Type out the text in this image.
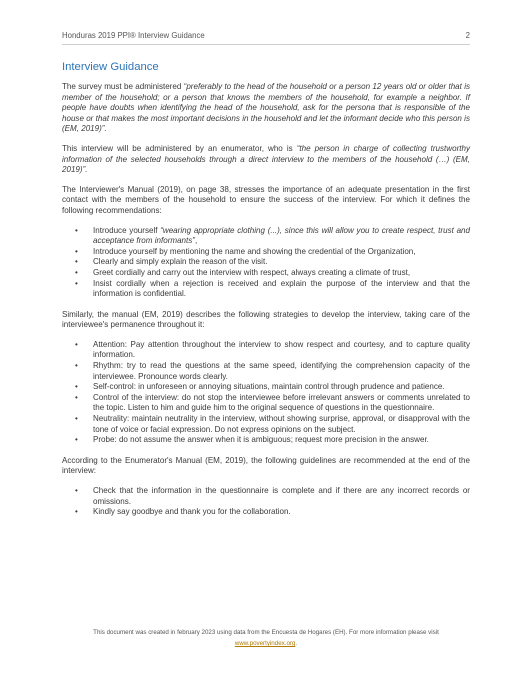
Honduras 2019 PPI® Interview Guidance	2
Interview Guidance

The survey must be administered “preferably to the head of the household or a person 12 years old or older that is member of the household; or a person that knows the members of the household, for example a neighbor. If people have doubts when identifying the head of the household, ask for the persona that is responsible of the house or that makes the most important decisions in the household and let the informant decide who this person is (EM, 2019)”.

This interview will be administered by an enumerator, who is “the person in charge of collecting trustworthy information of the selected households through a direct interview to the members of the household (…) (EM, 2019)”.

The Interviewer's Manual (2019), on page 38, stresses the importance of an adequate presentation in the first contact with the members of the household to ensure the success of the interview. For which it defines the following recommendations:

• Introduce yourself “wearing appropriate clothing (...), since this will allow you to create respect, trust and acceptance from informants”,
• Introduce yourself by mentioning the name and showing the credential of the Organization,
• Clearly and simply explain the reason of the visit.
• Greet cordially and carry out the interview with respect, always creating a climate of trust,
• Insist cordially when a rejection is received and explain the purpose of the interview and that the information is confidential.

Similarly, the manual (EM, 2019) describes the following strategies to develop the interview, taking care of the interviewee's permanence throughout it:

• Attention: Pay attention throughout the interview to show respect and courtesy, and to capture quality information.
• Rhythm: try to read the questions at the same speed, identifying the comprehension capacity of the interviewee. Pronounce words clearly.
• Self-control: in unforeseen or annoying situations, maintain control through prudence and patience.
• Control of the interview: do not stop the interviewee before irrelevant answers or comments unrelated to the topic. Listen to him and guide him to the original sequence of questions in the questionnaire.
• Neutrality: maintain neutrality in the interview, without showing surprise, approval, or disapproval with the tone of voice or facial expression. Do not express opinions on the subject.
• Probe: do not assume the answer when it is ambiguous; request more precision in the answer.

According to the Enumerator's Manual (EM, 2019), the following guidelines are recommended at the end of the interview:

• Check that the information in the questionnaire is complete and if there are any incorrect records or omissions.
• Kindly say goodbye and thank you for the collaboration.
This document was created in february 2023 using data from the Encuesta de Hogares (EH). For more information please visit
www.povertyindex.org.
